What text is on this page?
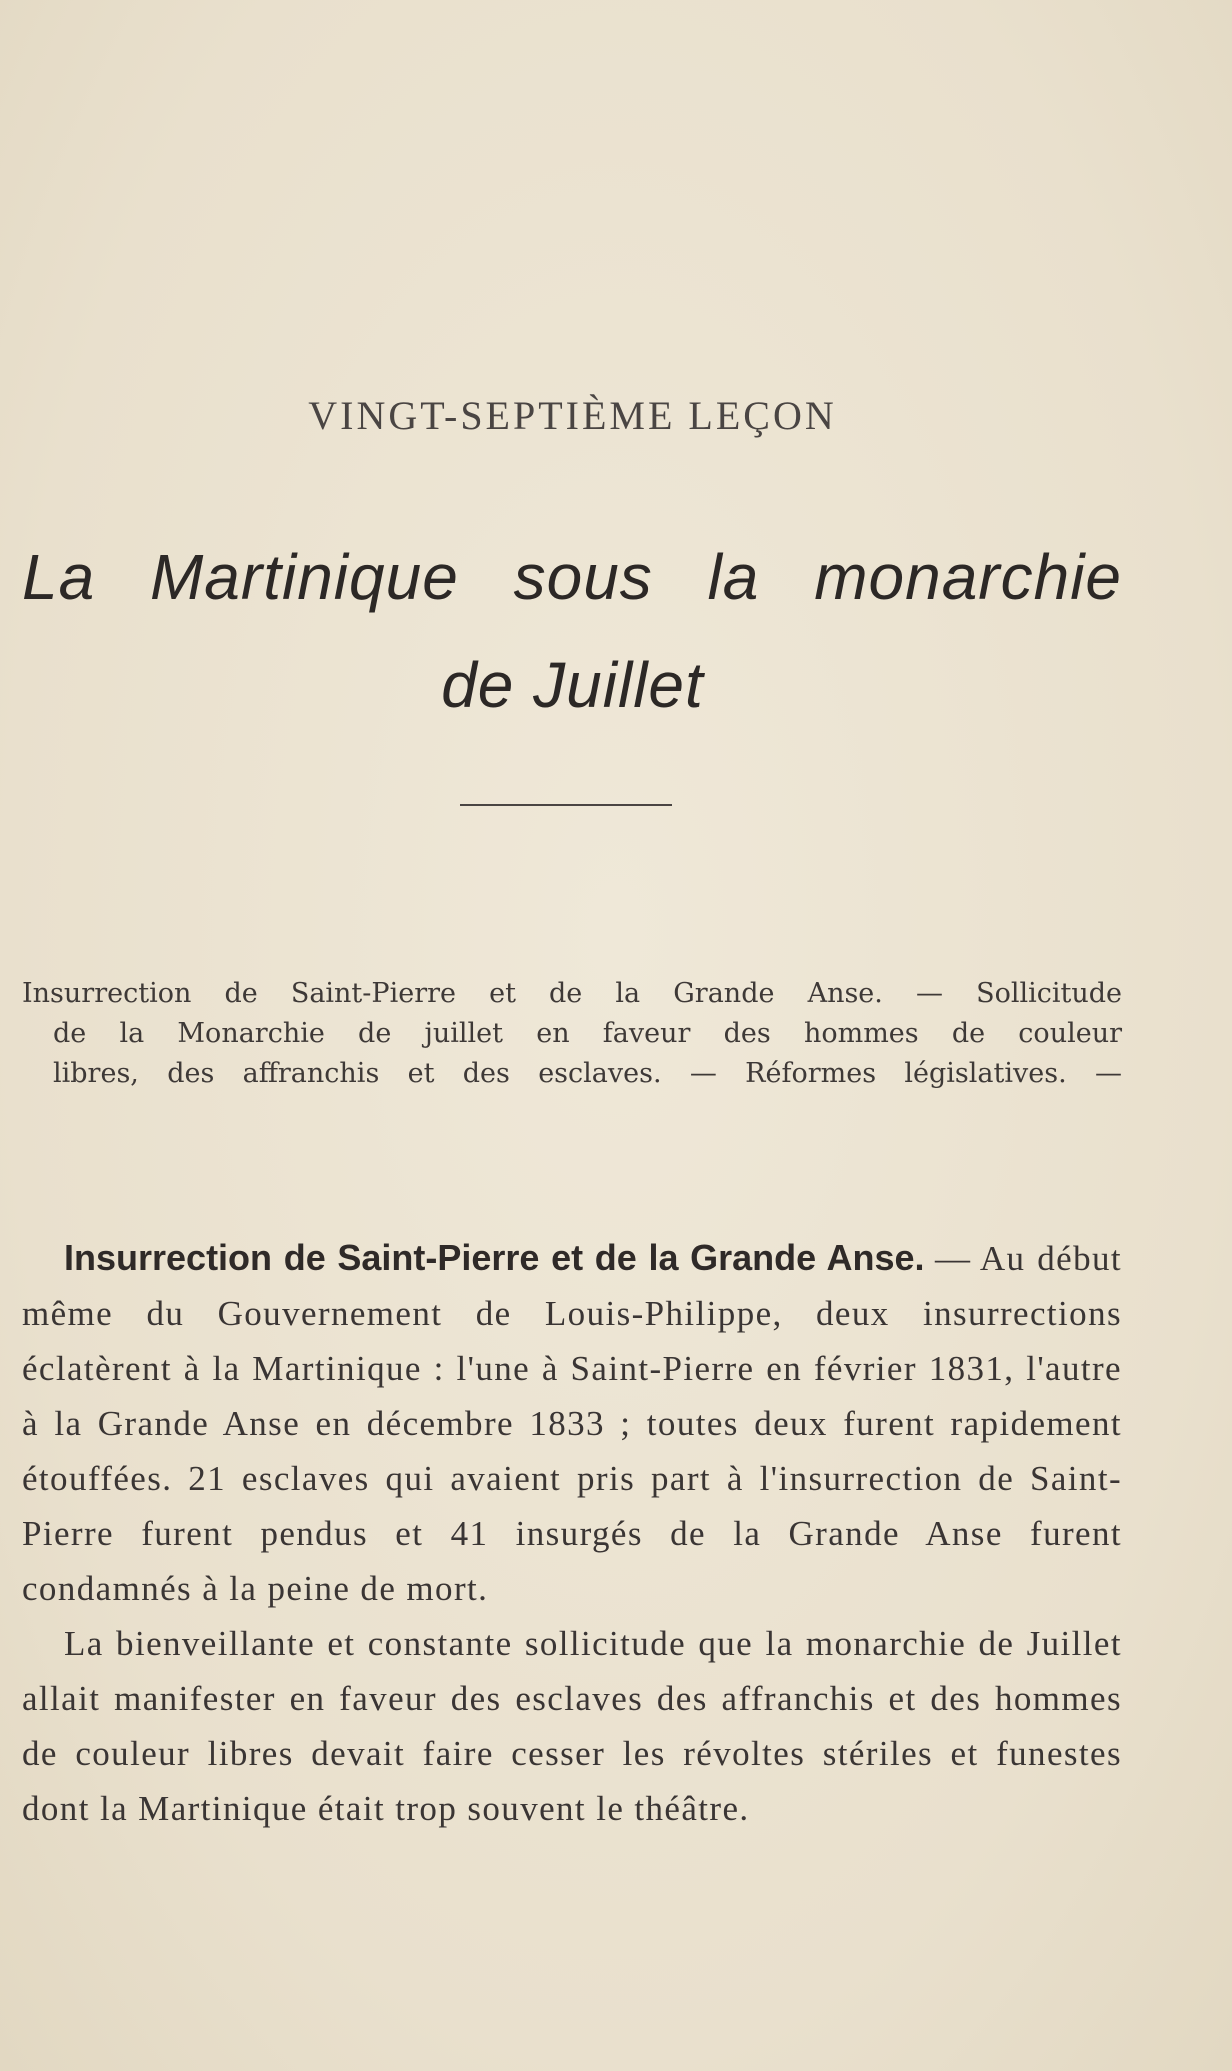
VINGT-SEPTIÈME LEÇON
La Martinique sous la monarchie
de Juillet
Insurrection de Saint-Pierre et de la Grande Anse. — Sollicitude
de la Monarchie de juillet en faveur des hommes de couleur
libres, des affranchis et des esclaves. — Réformes législatives. —

Insurrection de Saint-Pierre et de la Grande Anse. — Au début même du Gouvernement de Louis-Philippe, deux insurrections éclatèrent à la Martinique : l'une à Saint-Pierre en février 1831, l'autre à la Grande Anse en décembre 1833 ; toutes deux furent rapidement étouffées. 21 esclaves qui avaient pris part à l'insurrection de Saint-Pierre furent pendus et 41 insurgés de la Grande Anse furent condamnés à la peine de mort.

La bienveillante et constante sollicitude que la monarchie de Juillet allait manifester en faveur des esclaves des affranchis et des hommes de couleur libres devait faire cesser les révoltes stériles et funestes dont la Martinique était trop souvent le théâtre.
